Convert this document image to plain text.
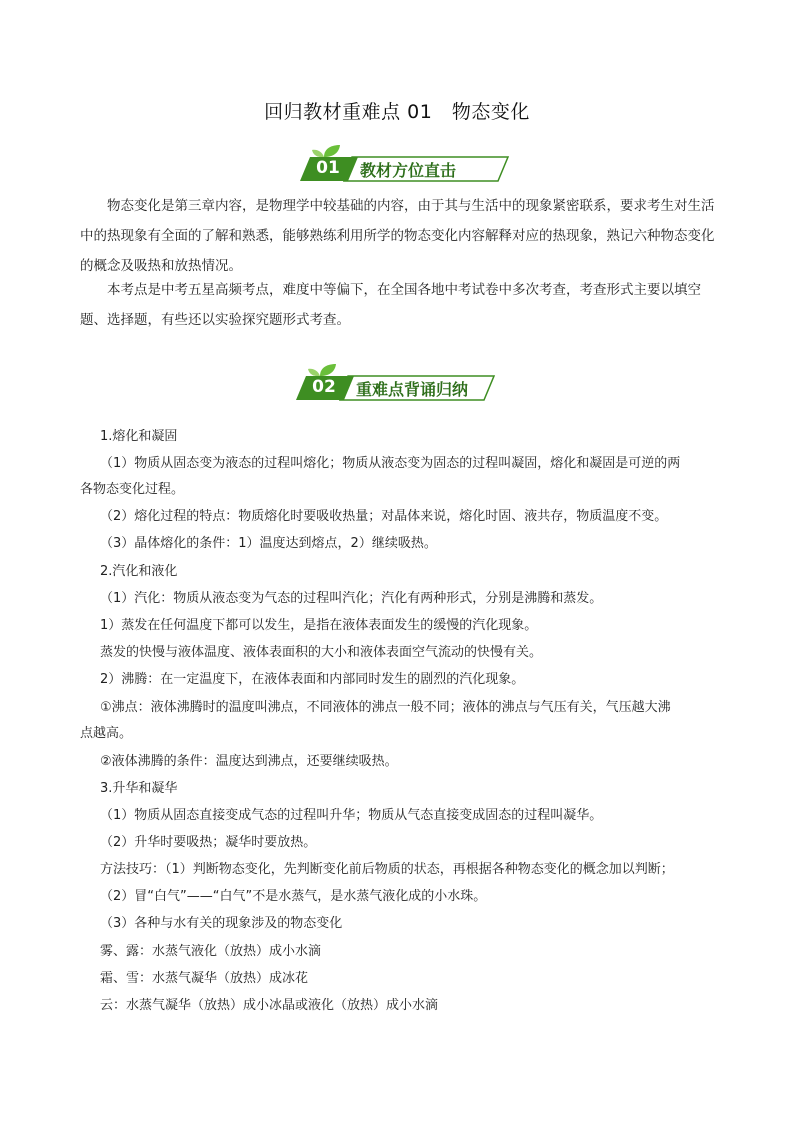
回归教材重难点 01　物态变化
01	教材方位直击

物态变化是第三章内容，是物理学中较基础的内容，由于其与生活中的现象紧密联系，要求考生对生活中的热现象有全面的了解和熟悉，能够熟练利用所学的物态变化内容解释对应的热现象，熟记六种物态变化的概念及吸热和放热情况。

本考点是中考五星高频考点，难度中等偏下，在全国各地中考试卷中多次考查，考查形式主要以填空题、选择题，有些还以实验探究题形式考查。

02	重难点背诵归纳

1.熔化和凝固

（1）物质从固态变为液态的过程叫熔化；物质从液态变为固态的过程叫凝固，熔化和凝固是可逆的两

各物态变化过程。

（2）熔化过程的特点：物质熔化时要吸收热量；对晶体来说，熔化时固、液共存，物质温度不变。

（3）晶体熔化的条件：1）温度达到熔点，2）继续吸热。

2.汽化和液化

（1）汽化：物质从液态变为气态的过程叫汽化；汽化有两种形式，分别是沸腾和蒸发。

1）蒸发在任何温度下都可以发生，是指在液体表面发生的缓慢的汽化现象。

蒸发的快慢与液体温度、液体表面积的大小和液体表面空气流动的快慢有关。

2）沸腾：在一定温度下，在液体表面和内部同时发生的剧烈的汽化现象。

①沸点：液体沸腾时的温度叫沸点，不同液体的沸点一般不同；液体的沸点与气压有关，气压越大沸

点越高。

②液体沸腾的条件：温度达到沸点，还要继续吸热。

3.升华和凝华

（1）物质从固态直接变成气态的过程叫升华；物质从气态直接变成固态的过程叫凝华。

（2）升华时要吸热；凝华时要放热。

方法技巧：（1）判断物态变化，先判断变化前后物质的状态，再根据各种物态变化的概念加以判断；

（2）冒“白气”——“白气”不是水蒸气，是水蒸气液化成的小水珠。

（3）各种与水有关的现象涉及的物态变化

雾、露：水蒸气液化（放热）成小水滴

霜、雪：水蒸气凝华（放热）成冰花

云：水蒸气凝华（放热）成小冰晶或液化（放热）成小水滴
